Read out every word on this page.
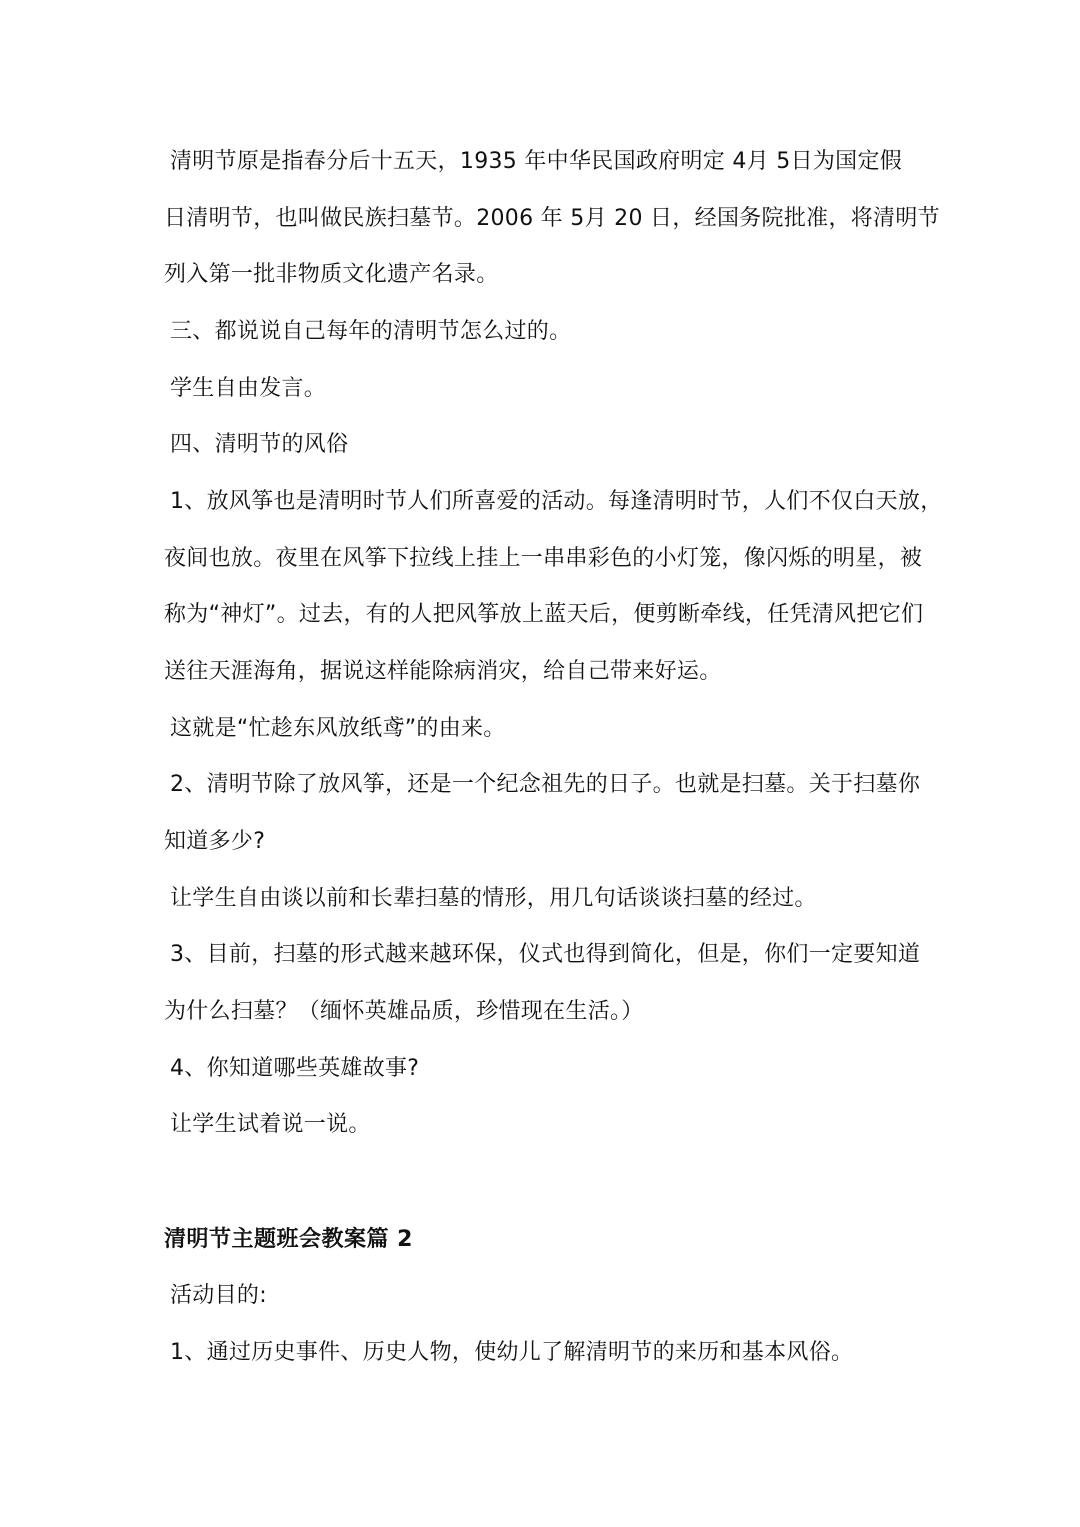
清明节原是指春分后十五天，1935 年中华民国政府明定 4月 5日为国定假
日清明节，也叫做民族扫墓节。2006 年 5月 20 日，经国务院批准，将清明节
列入第一批非物质文化遗产名录。
三、都说说自己每年的清明节怎么过的。
学生自由发言。
四、清明节的风俗
1、放风筝也是清明时节人们所喜爱的活动。每逢清明时节，人们不仅白天放，
夜间也放。夜里在风筝下拉线上挂上一串串彩色的小灯笼，像闪烁的明星，被
称为“神灯”。过去，有的人把风筝放上蓝天后，便剪断牵线，任凭清风把它们
送往天涯海角，据说这样能除病消灾，给自己带来好运。
这就是“忙趁东风放纸鸢”的由来。
2、清明节除了放风筝，还是一个纪念祖先的日子。也就是扫墓。关于扫墓你
知道多少?
让学生自由谈以前和长辈扫墓的情形，用几句话谈谈扫墓的经过。
3、目前，扫墓的形式越来越环保，仪式也得到简化，但是，你们一定要知道
为什么扫墓？（缅怀英雄品质，珍惜现在生活。）
4、你知道哪些英雄故事?
让学生试着说一说。
清明节主题班会教案篇 2
活动目的:
1、通过历史事件、历史人物，使幼儿了解清明节的来历和基本风俗。
